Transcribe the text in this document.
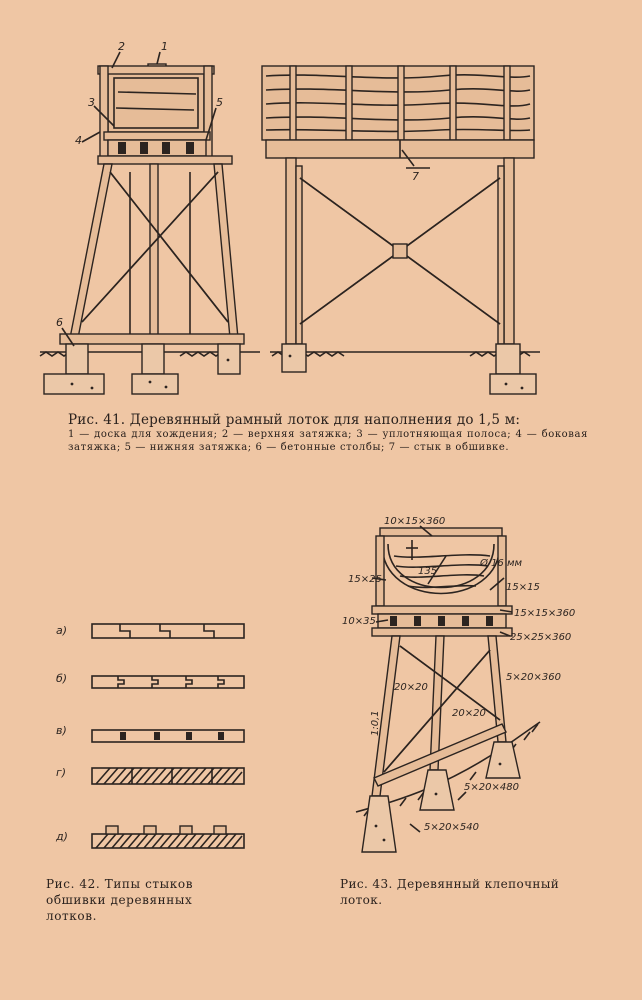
1
2
3
4
5
6
7
а)
б)
в)
г)
д)
10×15×360
Ø 16 мм
135
15×25
15×15
10×35
15×15×360
25×25×360
5×20×360
20×20
20×20
1:0,1
5×20×480
5×20×540
Рис. 41. Деревянный рамный лоток для наполнения до 1,5 м:
1 — доска для хождения; 2 — верхняя затяжка; 3 — уплотняющая полоса; 4 — боковая затяжка; 5 — нижняя затяжка; 6 — бетонные столбы; 7 — стык в обшивке.
Рис. 42. Типы стыков обшивки деревянных лотков.
Рис. 43. Деревянный клепочный лоток.
